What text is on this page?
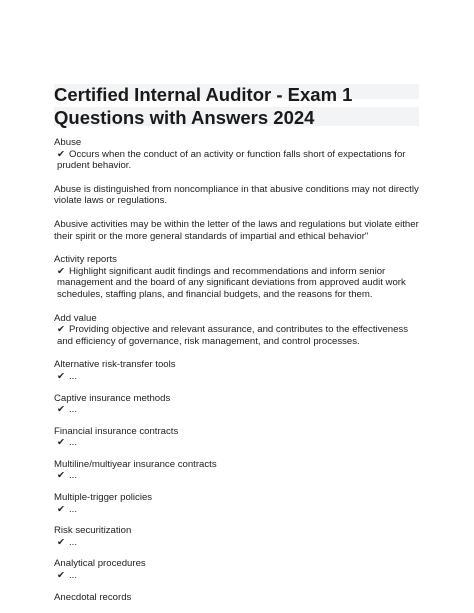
Certified Internal Auditor - Exam 1
Questions with Answers 2024

Abuse

✔ Occurs when the conduct of an activity or function falls short of expectations for prudent behavior.

Abuse is distinguished from noncompliance in that abusive conditions may not directly violate laws or regulations.

Abusive activities may be within the letter of the laws and regulations but violate either their spirit or the more general standards of impartial and ethical behavior"

Activity reports

✔ Highlight significant audit findings and recommendations and inform senior management and the board of any significant deviations from approved audit work schedules, staffing plans, and financial budgets, and the reasons for them.

Add value

✔ Providing objective and relevant assurance, and contributes to the effectiveness and efficiency of governance, risk management, and control processes.

Alternative risk-transfer tools

✔ ...

Captive insurance methods

✔ ...

Financial insurance contracts

✔ ...

Multiline/multiyear insurance contracts

✔ ...

Multiple-trigger policies

✔ ...

Risk securitization

✔ ...

Analytical procedures

✔ ...

Anecdotal records
